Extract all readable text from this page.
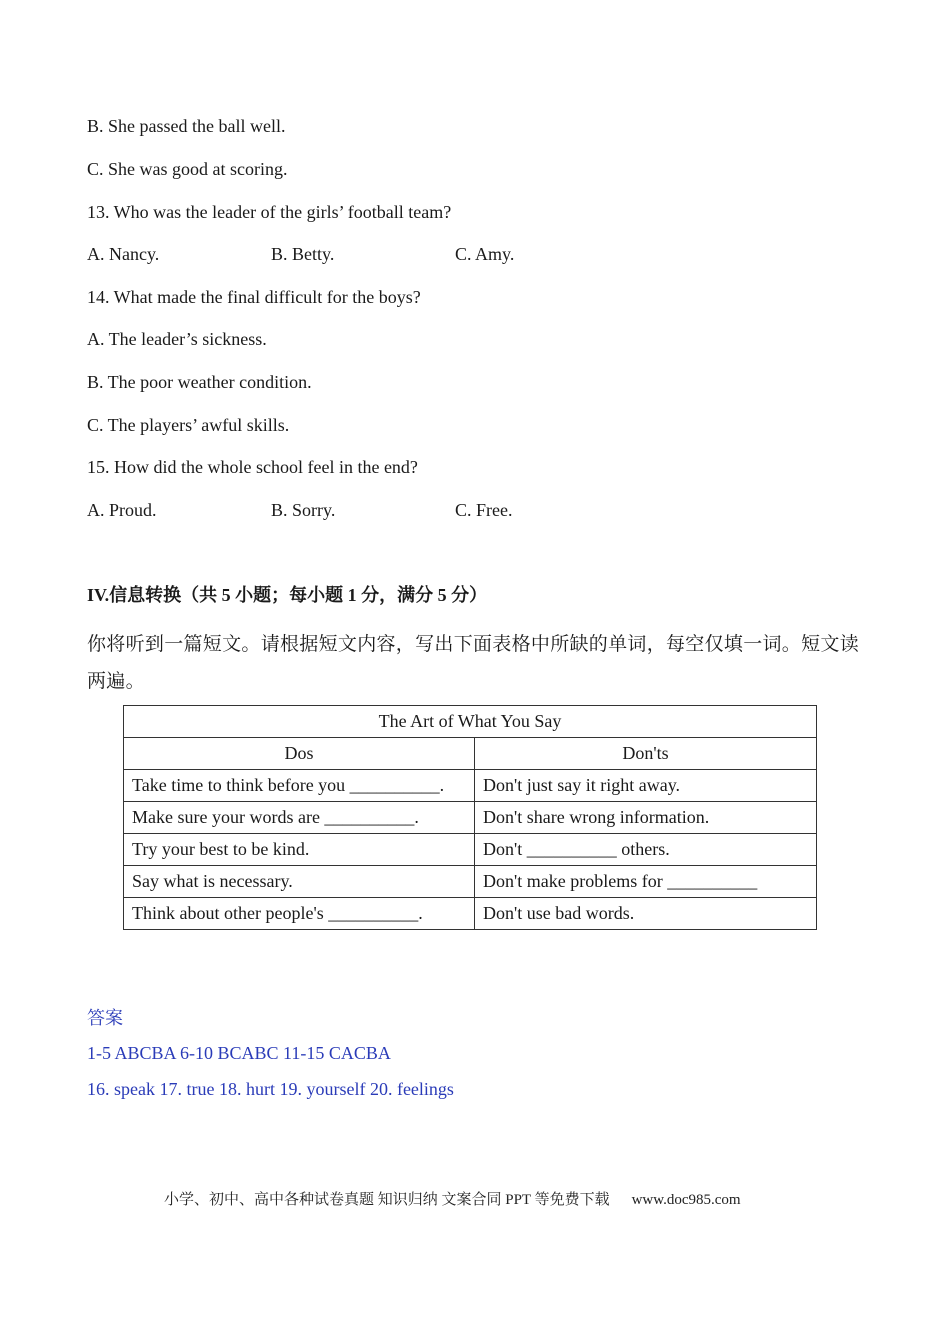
B. She passed the ball well.
C. She was good at scoring.
13. Who was the leader of the girls’ football team?
A. Nancy.	B. Betty.	C. Amy.
14. What made the final difficult for the boys?
A. The leader’s sickness.
B. The poor weather condition.
C. The players’ awful skills.
15. How did the whole school feel in the end?
A. Proud.	B. Sorry.	C. Free.
IV.信息转换（共 5 小题；每小题 1 分，满分 5 分）
你将听到一篇短文。请根据短文内容，写出下面表格中所缺的单词，每空仅填一词。短文读两遍。
The Art of What You Say	
Dos	Don'ts
Take time to think before you __________.	Don't just say it right away.
Make sure your words are __________.	Don't share wrong information.
Try your best to be kind.	Don't __________ others.
Say what is necessary.	Don't make problems for __________
Think about other people's __________.	Don't use bad words.
答案
1-5 ABCBA 6-10 BCABC 11-15 CACBA
16. speak 17. true 18. hurt 19. yourself 20. feelings
小学、初中、高中各种试卷真题 知识归纳 文案合同 PPT 等免费下载 www.doc985.com
